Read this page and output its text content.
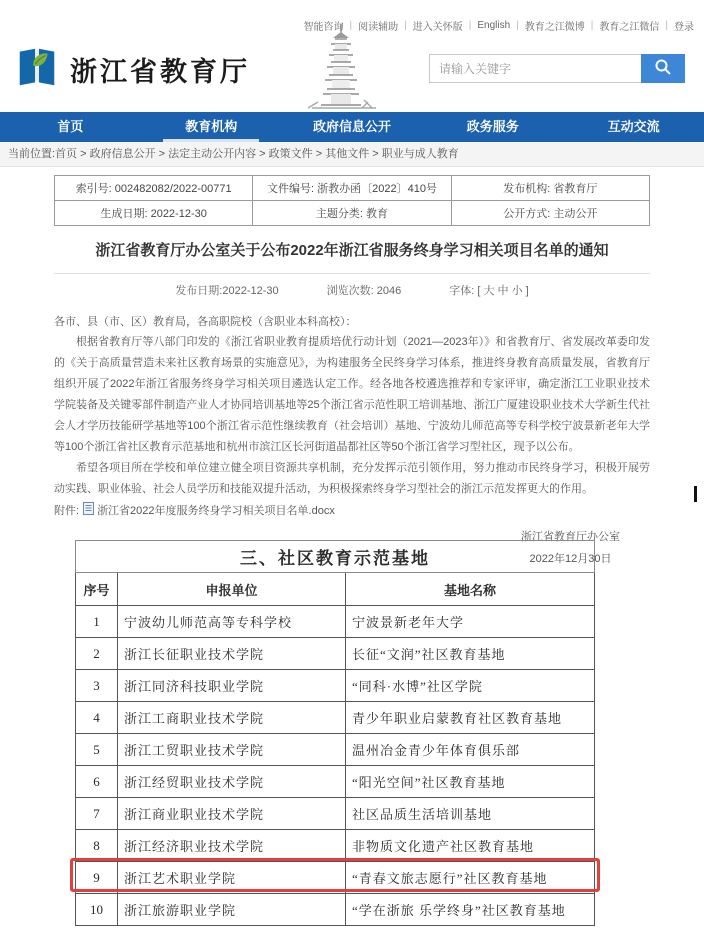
智能咨询 | 阅读辅助 | 进入关怀版 | English | 教育之江微博 | 教育之江微信 | 登录
浙江省教育厅
请输入关键字
首页	教育机构	政府信息公开	政务服务	互动交流
当前位置:首页 > 政府信息公开 > 法定主动公开内容 > 政策文件 > 其他文件 > 职业与成人教育
索引号: 002482082/2022-00771	文件编号: 浙教办函〔2022〕410号	发布机构: 省教育厅
生成日期: 2022-12-30	主题分类: 教育	公开方式: 主动公开
浙江省教育厅办公室关于公布2022年浙江省服务终身学习相关项目名单的通知
发布日期:2022-12-30	浏览次数: 2046	字体: [ 大 中 小 ]

各市、县（市、区）教育局，各高职院校（含职业本科高校）：

根据省教育厅等八部门印发的《浙江省职业教育提质培优行动计划（2021—2023年）》和省教育厅、省发展改革委印发的《关于高质量营造未来社区教育场景的实施意见》，为构建服务全民终身学习体系，推进终身教育高质量发展，省教育厅组织开展了2022年浙江省服务终身学习相关项目遴选认定工作。经各地各校遴选推荐和专家评审，确定浙江工业职业技术学院装备及关键零部件制造产业人才协同培训基地等25个浙江省示范性职工培训基地、浙江广厦建设职业技术大学新生代社会人才学历技能研学基地等100个浙江省示范性继续教育（社会培训）基地、宁波幼儿师范高等专科学校宁波景新老年大学等100个浙江省社区教育示范基地和杭州市滨江区长河街道晶都社区等50个浙江省学习型社区，现予以公布。

希望各项目所在学校和单位建立健全项目资源共享机制，充分发挥示范引领作用，努力推动市民终身学习，积极开展劳动实践、职业体验、社会人员学历和技能双提升活动，为积极探索终身学习型社会的浙江示范发挥更大的作用。

附件: 浙江省2022年度服务终身学习相关项目名单.docx
浙江省教育厅办公室
2022年12月30日
三、社区教育示范基地		
序号	申报单位	基地名称
1	宁波幼儿师范高等专科学校	宁波景新老年大学
2	浙江长征职业技术学院	长征“文润”社区教育基地
3	浙江同济科技职业学院	“同科·水博”社区学院
4	浙江工商职业技术学院	青少年职业启蒙教育社区教育基地
5	浙江工贸职业技术学院	温州冶金青少年体育俱乐部
6	浙江经贸职业技术学院	“阳光空间”社区教育基地
7	浙江商业职业技术学院	社区品质生活培训基地
8	浙江经济职业技术学院	非物质文化遗产社区教育基地
9	浙江艺术职业学院	“青春文旅志愿行”社区教育基地
10	浙江旅游职业学院	“学在浙旅 乐学终身”社区教育基地
